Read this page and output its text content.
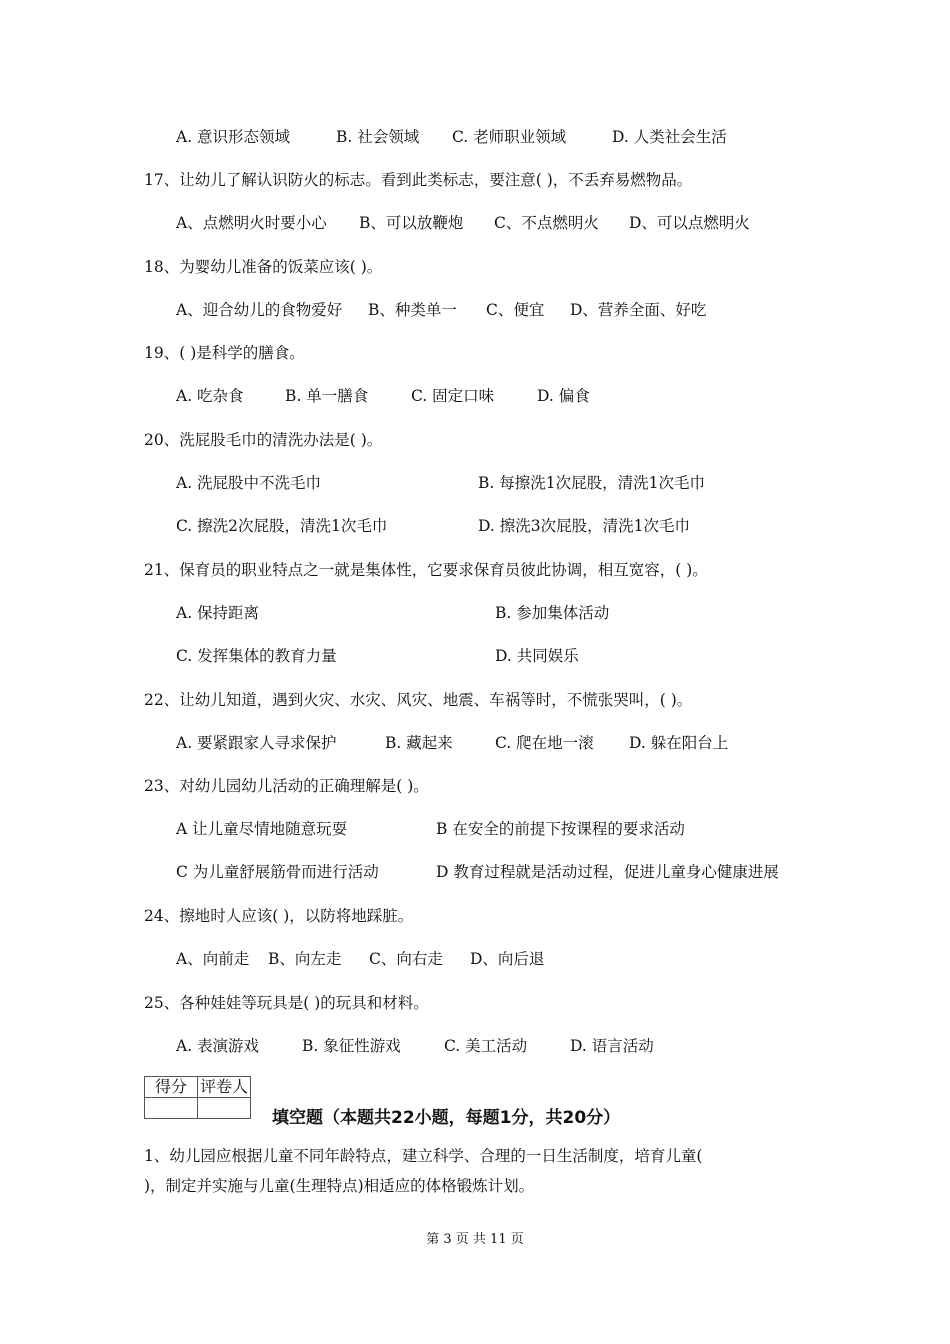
A. 意识形态领域	B. 社会领域 C. 老师职业领域	D. 人类社会生活
17、让幼儿了解认识防火的标志。看到此类标志，要注意( )，不丢弃易燃物品。
A、点燃明火时要小心 B、可以放鞭炮 C、不点燃明火 D、可以点燃明火
18、为婴幼儿准备的饭菜应该( )。
A、迎合幼儿的食物爱好 B、种类单一 C、便宜 D、营养全面、好吃
19、( )是科学的膳食。
A. 吃杂食	B. 单一膳食	C. 固定口味	D. 偏食
20、洗屁股毛巾的清洗办法是( )。
A. 洗屁股中不洗毛巾	B. 每擦洗1次屁股，清洗1次毛巾
C. 擦洗2次屁股，清洗1次毛巾	D. 擦洗3次屁股，清洗1次毛巾
21、保育员的职业特点之一就是集体性，它要求保育员彼此协调，相互宽容，( )。
A. 保持距离	B. 参加集体活动
C. 发挥集体的教育力量	D. 共同娱乐
22、让幼儿知道，遇到火灾、水灾、风灾、地震、车祸等时，不慌张哭叫，( )。
A. 要紧跟家人寻求保护	B. 藏起来	C. 爬在地一滚 D. 躲在阳台上
23、对幼儿园幼儿活动的正确理解是( )。
A 让儿童尽情地随意玩耍	B 在安全的前提下按课程的要求活动
C 为儿童舒展筋骨而进行活动	D 教育过程就是活动过程，促进儿童身心健康进展
24、擦地时人应该( )，以防将地踩脏。
A、向前走 B、向左走 C、向右走 D、向后退
25、各种娃娃等玩具是( )的玩具和材料。
A. 表演游戏	B. 象征性游戏	C. 美工活动	D. 语言活动
得分	评卷人

填空题（本题共22小题，每题1分，共20分）
1、幼儿园应根据儿童不同年龄特点，建立科学、合理的一日生活制度，培育儿童(
)，制定并实施与儿童(生理特点)相适应的体格锻炼计划。
第 3 页 共 11 页
